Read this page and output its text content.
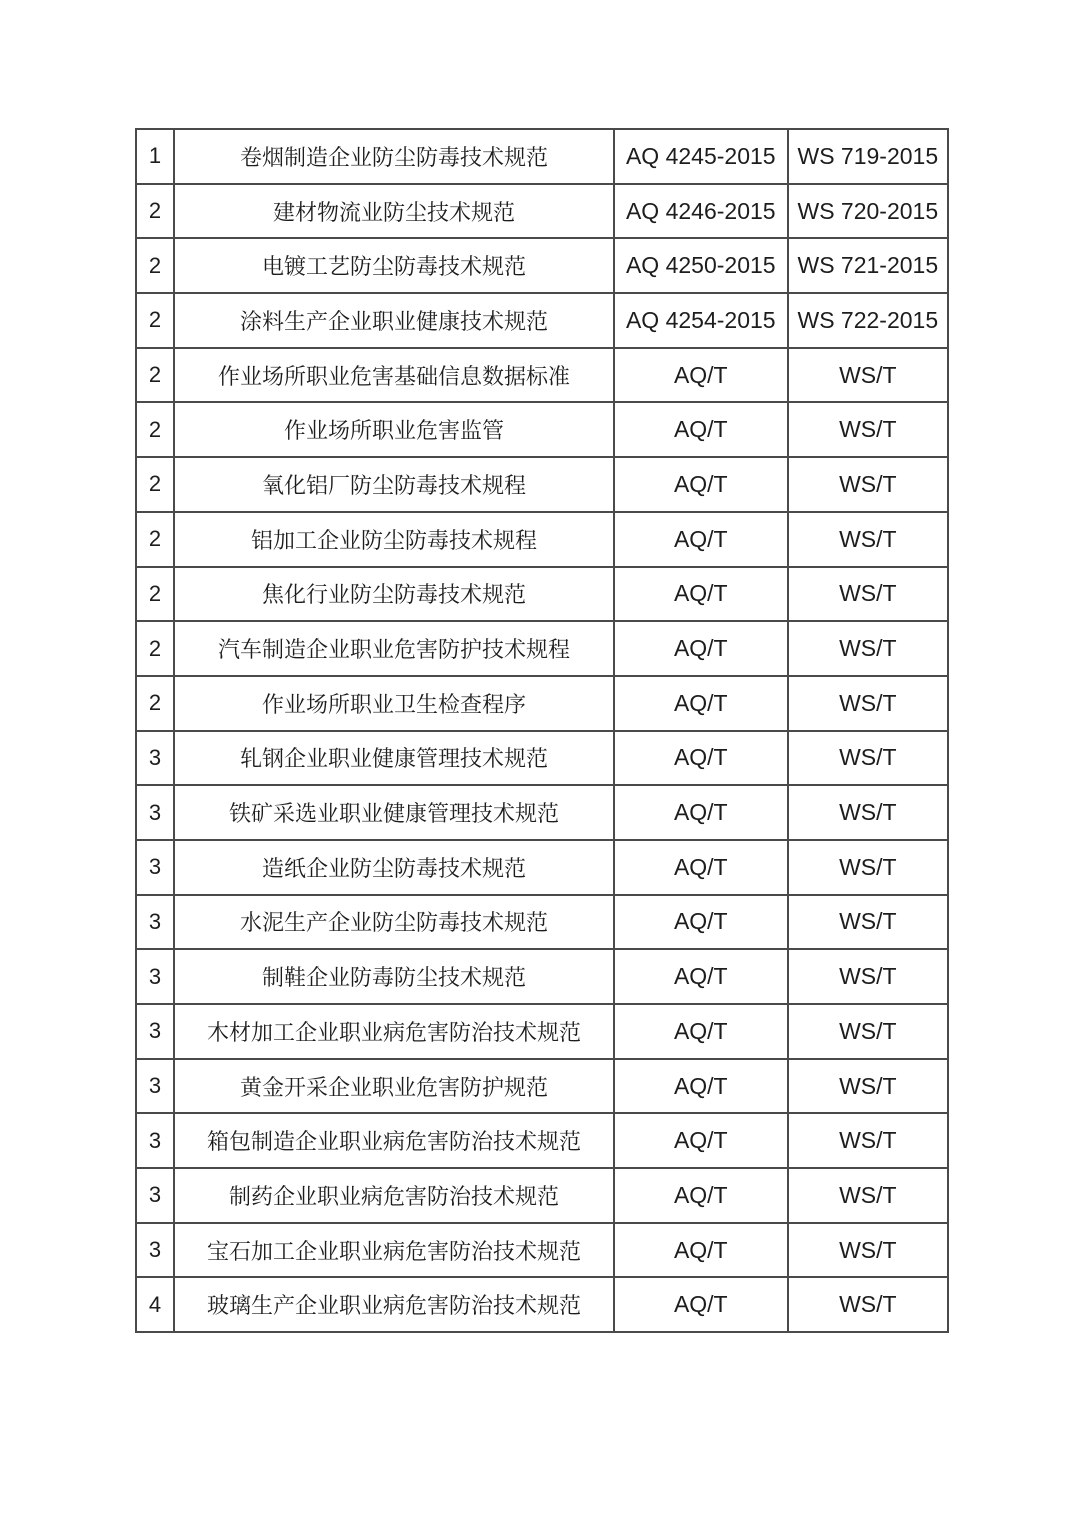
1	卷烟制造企业防尘防毒技术规范	AQ 4245-2015	WS 719-2015
2	建材物流业防尘技术规范	AQ 4246-2015	WS 720-2015
2	电镀工艺防尘防毒技术规范	AQ 4250-2015	WS 721-2015
2	涂料生产企业职业健康技术规范	AQ 4254-2015	WS 722-2015
2	作业场所职业危害基础信息数据标准	AQ/T	WS/T
2	作业场所职业危害监管	AQ/T	WS/T
2	氧化铝厂防尘防毒技术规程	AQ/T	WS/T
2	铝加工企业防尘防毒技术规程	AQ/T	WS/T
2	焦化行业防尘防毒技术规范	AQ/T	WS/T
2	汽车制造企业职业危害防护技术规程	AQ/T	WS/T
2	作业场所职业卫生检查程序	AQ/T	WS/T
3	轧钢企业职业健康管理技术规范	AQ/T	WS/T
3	铁矿采选业职业健康管理技术规范	AQ/T	WS/T
3	造纸企业防尘防毒技术规范	AQ/T	WS/T
3	水泥生产企业防尘防毒技术规范	AQ/T	WS/T
3	制鞋企业防毒防尘技术规范	AQ/T	WS/T
3	木材加工企业职业病危害防治技术规范	AQ/T	WS/T
3	黄金开采企业职业危害防护规范	AQ/T	WS/T
3	箱包制造企业职业病危害防治技术规范	AQ/T	WS/T
3	制药企业职业病危害防治技术规范	AQ/T	WS/T
3	宝石加工企业职业病危害防治技术规范	AQ/T	WS/T
4	玻璃生产企业职业病危害防治技术规范	AQ/T	WS/T
